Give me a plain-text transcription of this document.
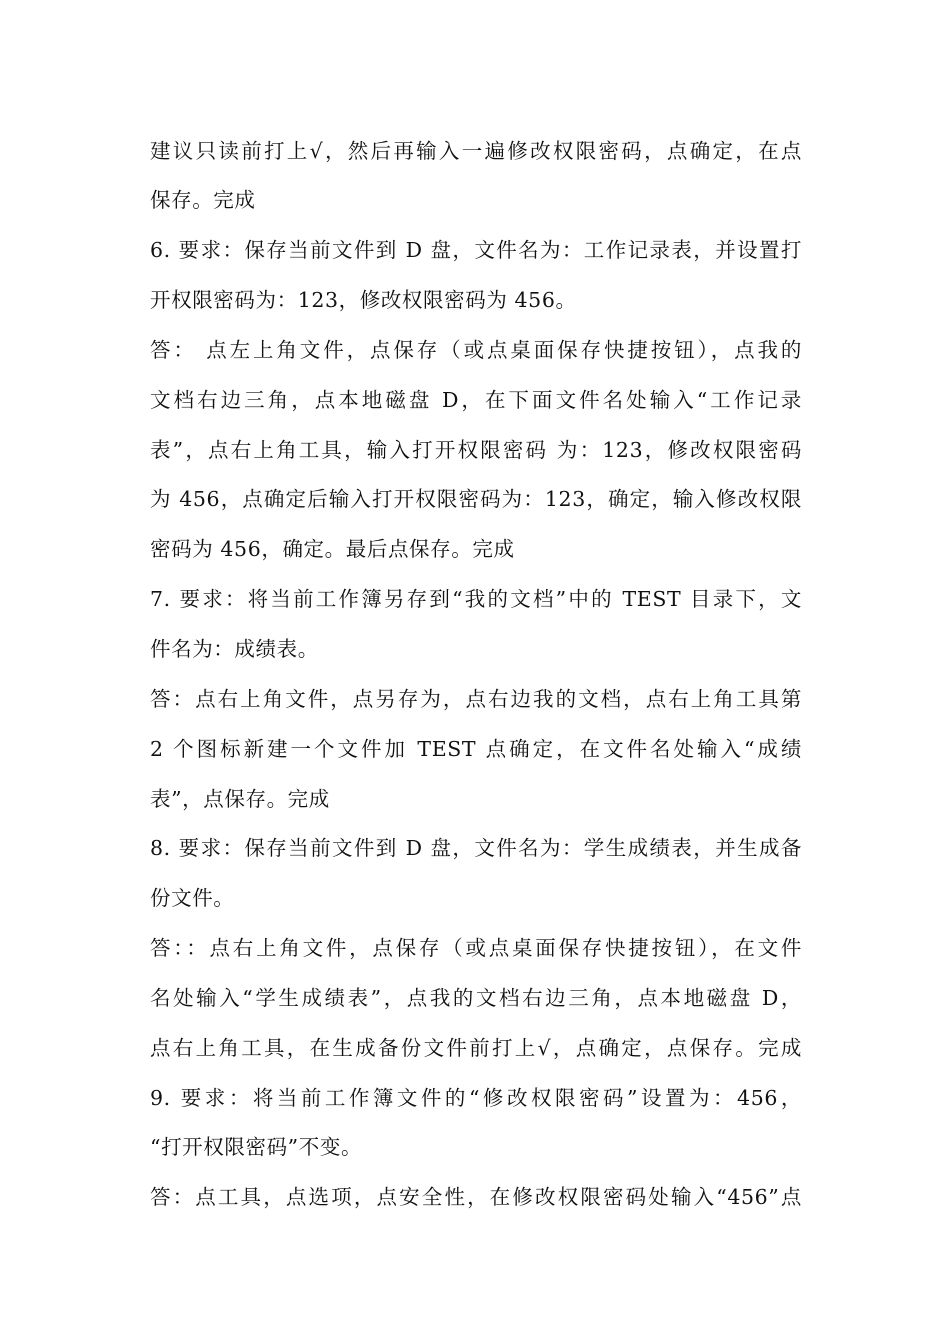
建议只读前打上√，然后再输入一遍修改权限密码，点确定，在点
保存。完成
6. 要求：保存当前文件到 D 盘，文件名为：工作记录表，并设置打
开权限密码为：123，修改权限密码为 456。
答： 点左上角文件，点保存（或点桌面保存快捷按钮），点我的
文档右边三角，点本地磁盘 D，在下面文件名处输入“工作记录
表”，点右上角工具，输入打开权限密码 为：123，修改权限密码
为 456，点确定后输入打开权限密码为：123，确定，输入修改权限
密码为 456，确定。最后点保存。完成
7. 要求：将当前工作簿另存到“我的文档”中的 TEST 目录下，文
件名为：成绩表。
答：点右上角文件，点另存为，点右边我的文档，点右上角工具第
2 个图标新建一个文件加 TEST 点确定，在文件名处输入“成绩
表”，点保存。完成
8. 要求：保存当前文件到 D 盘，文件名为：学生成绩表，并生成备
份文件。
答：：点右上角文件，点保存（或点桌面保存快捷按钮），在文件
名处输入“学生成绩表”，点我的文档右边三角，点本地磁盘 D，
点右上角工具，在生成备份文件前打上√，点确定，点保存。完成
9. 要求：将当前工作簿文件的“修改权限密码”设置为：456，
“打开权限密码”不变。
答：点工具，点选项，点安全性，在修改权限密码处输入“456”点
